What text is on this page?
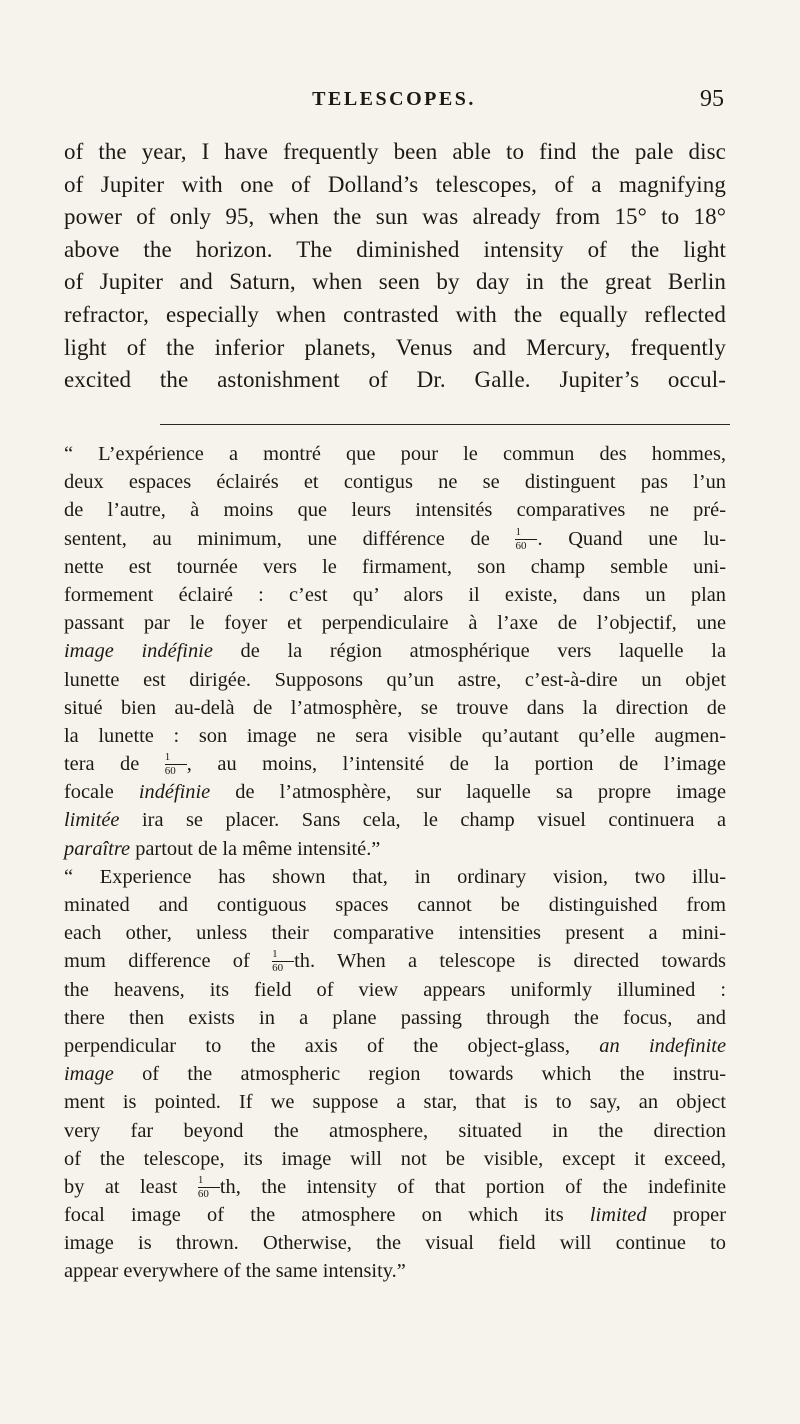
TELESCOPES.	95
of the year, I have frequently been able to find the pale disc
of Jupiter with one of Dolland’s telescopes, of a magnifying
power of only 95, when the sun was already from 15° to 18°
above the horizon. The diminished intensity of the light
of Jupiter and Saturn, when seen by day in the great Berlin
refractor, especially when contrasted with the equally reflected
light of the inferior planets, Venus and Mercury, frequently
excited the astonishment of Dr. Galle. Jupiter’s occul-
“ L’expérience a montré que pour le commun des hommes,
deux espaces éclairés et contigus ne se distinguent pas l’un
de l’autre, à moins que leurs intensités comparatives ne pré-
sentent, au minimum, une différence de $\frac{1}{60}$ . Quand une lu-
nette est tournée vers le firmament, son champ semble uni-
formement éclairé : c’est qu’ alors il existe, dans un plan
passant par le foyer et perpendiculaire à l’axe de l’objectif, une
image indéfinie de la région atmosphérique vers laquelle la
lunette est dirigée. Supposons qu’un astre, c’est-à-dire un objet
situé bien au-delà de l’atmosphère, se trouve dans la direction de
la lunette : son image ne sera visible qu’autant qu’elle augmen-
tera de $\frac{1}{60}$ , au moins, l’intensité de la portion de l’image
focale indéfinie de l’atmosphère, sur laquelle sa propre image
limitée ira se placer. Sans cela, le champ visuel continuera a
paraître partout de la même intensité.”
“ Experience has shown that, in ordinary vision, two illu-
minated and contiguous spaces cannot be distinguished from
each other, unless their comparative intensities present a mini-
mum difference of $\frac{1}{60}$ th. When a telescope is directed towards
the heavens, its field of view appears uniformly illumined :
there then exists in a plane passing through the focus, and
perpendicular to the axis of the object-glass, an indefinite
image of the atmospheric region towards which the instru-
ment is pointed. If we suppose a star, that is to say, an object
very far beyond the atmosphere, situated in the direction
of the telescope, its image will not be visible, except it exceed,
by at least $\frac{1}{60}$ th, the intensity of that portion of the indefinite
focal image of the atmosphere on which its limited proper
image is thrown. Otherwise, the visual field will continue to
appear everywhere of the same intensity.”
